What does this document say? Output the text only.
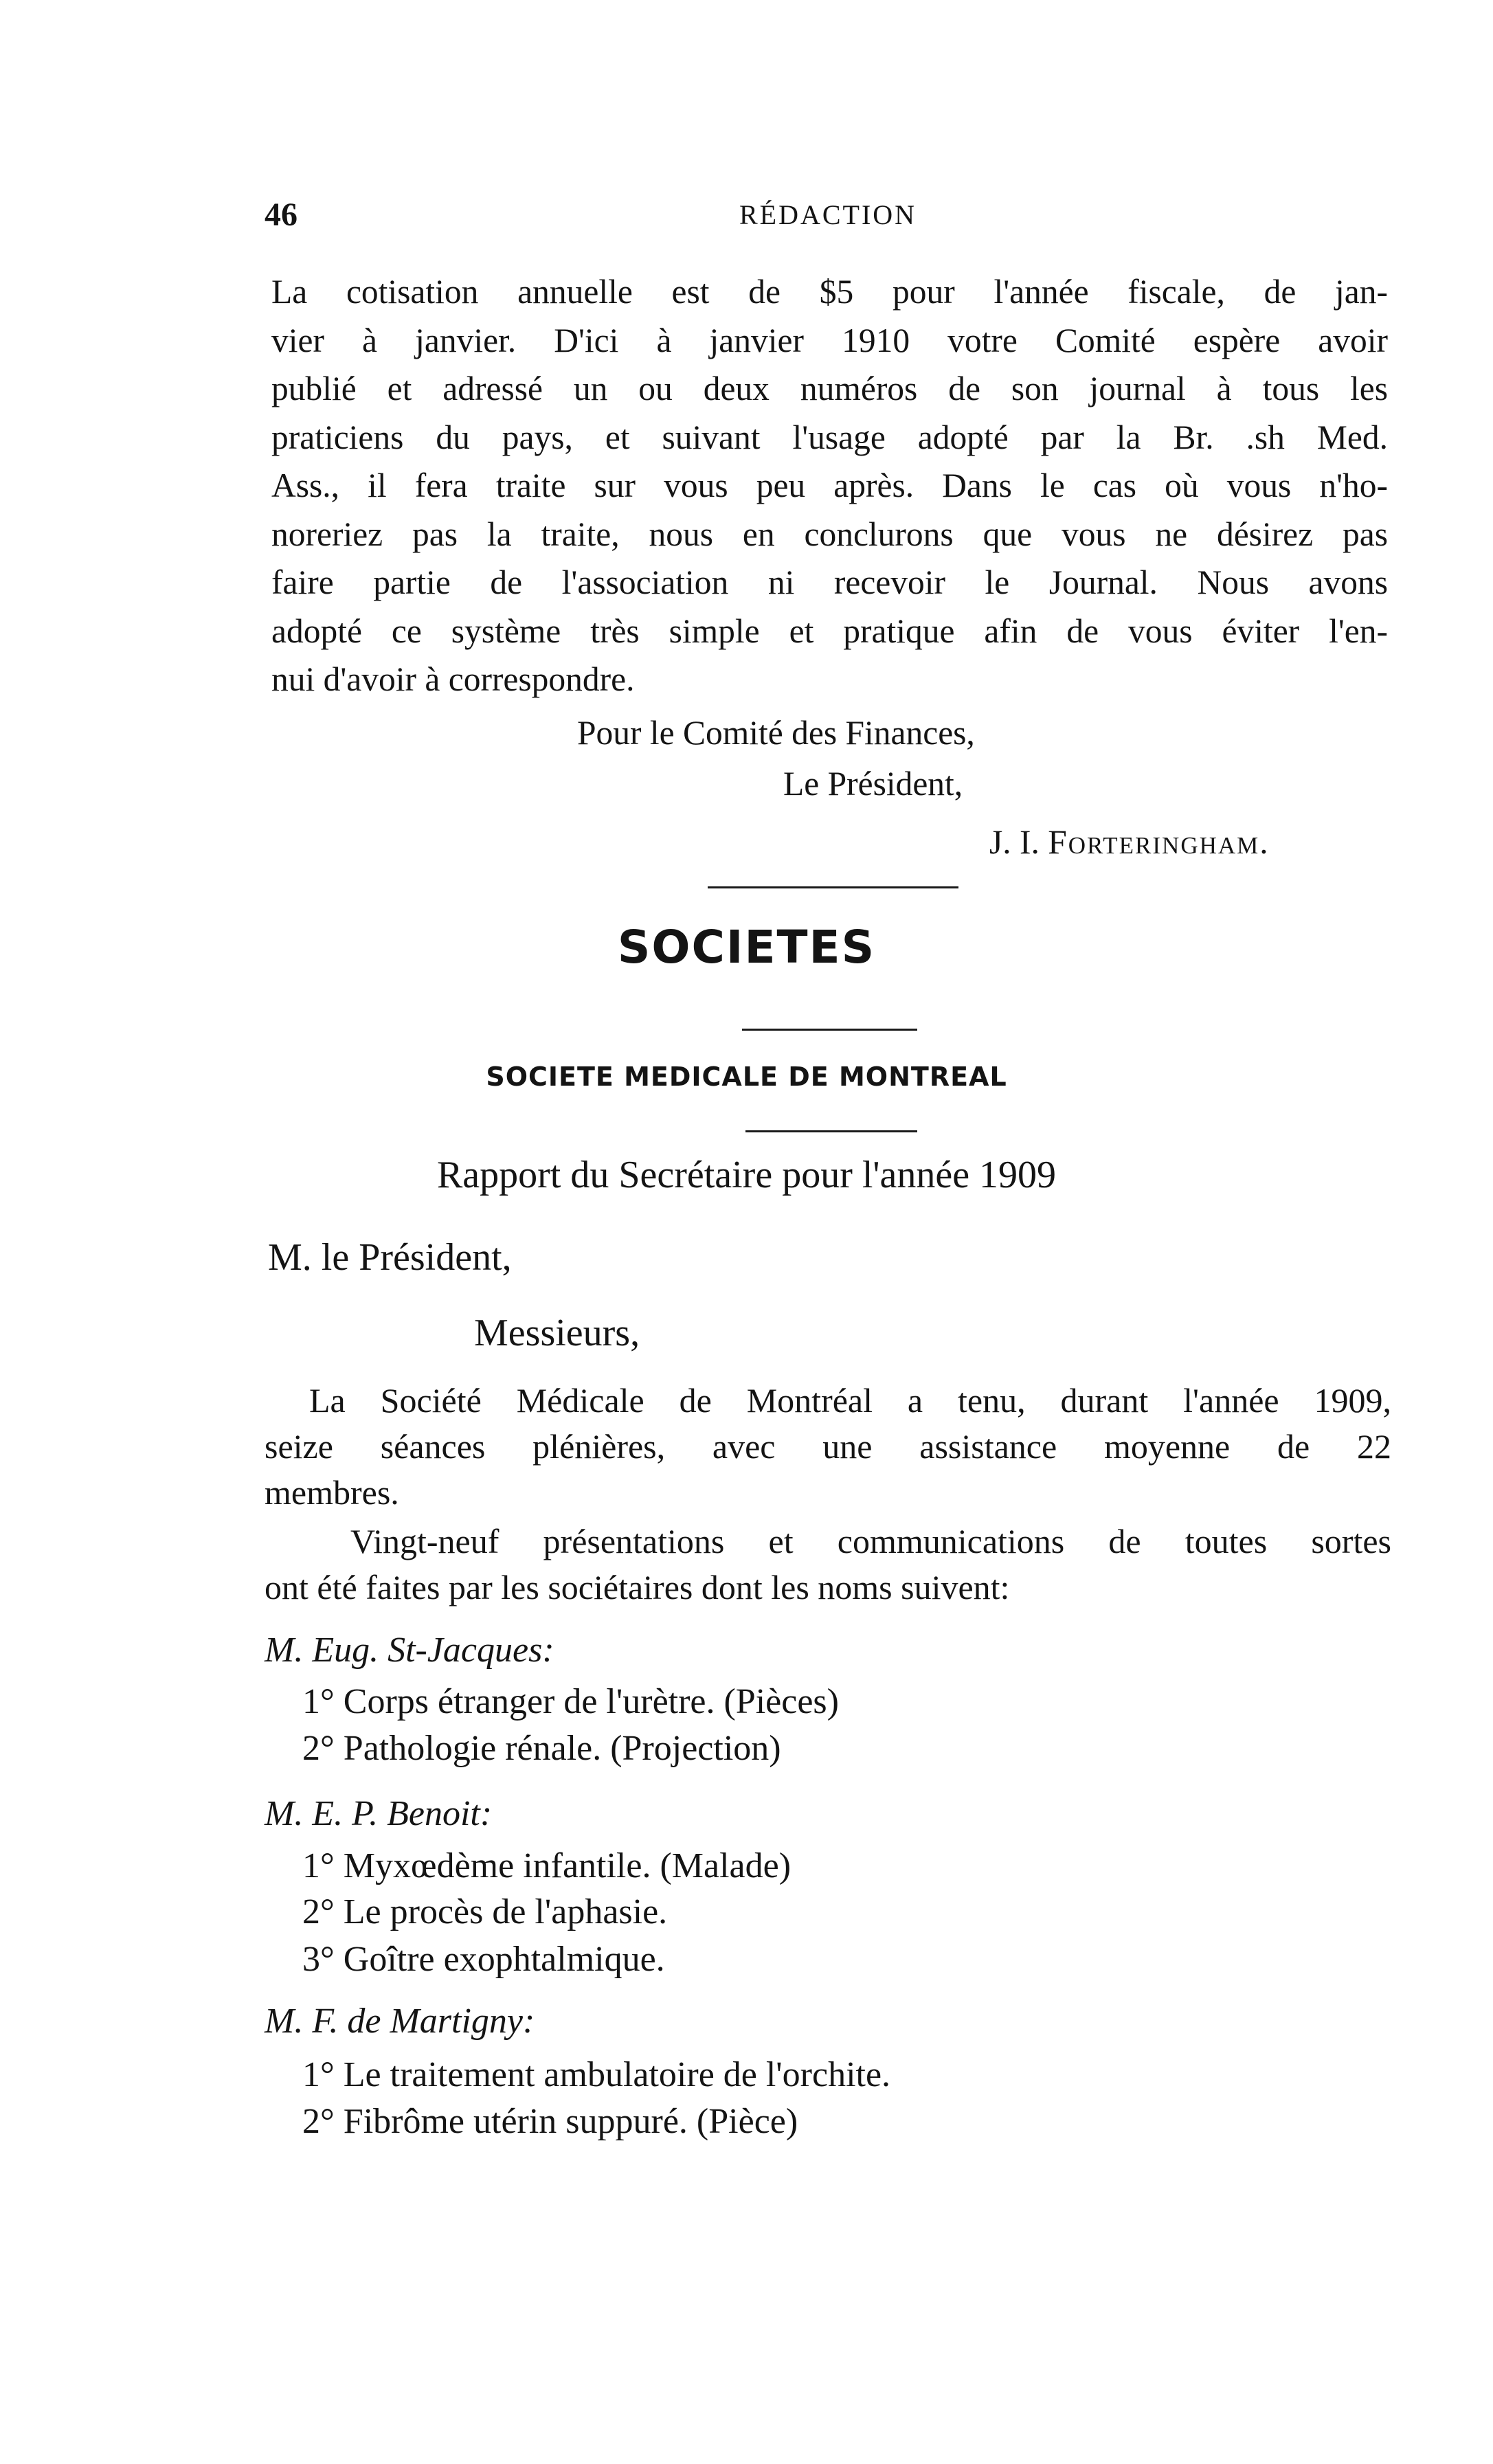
46	RÉDACTION
La cotisation annuelle est de $5 pour l'année fiscale, de jan-
vier à janvier. D'ici à janvier 1910 votre Comité espère avoir
publié et adressé un ou deux numéros de son journal à tous les
praticiens du pays, et suivant l'usage adopté par la Br. .sh Med.
Ass., il fera traite sur vous peu après. Dans le cas où vous n'ho-
noreriez pas la traite, nous en conclurons que vous ne désirez pas
faire partie de l'association ni recevoir le Journal. Nous avons
adopté ce système très simple et pratique afin de vous éviter l'en-
nui d'avoir à correspondre.
Pour le Comité des Finances,
Le Président,
J. I. Forteringham.
SOCIETES
SOCIETE MEDICALE DE MONTREAL
Rapport du Secrétaire pour l'année 1909
M. le Président,
Messieurs,
La Société Médicale de Montréal a tenu, durant l'année 1909,
seize séances plénières, avec une assistance moyenne de 22
membres.
Vingt-neuf présentations et communications de toutes sortes
ont été faites par les sociétaires dont les noms suivent:
M. Eug. St-Jacques:
1° Corps étranger de l'urètre. (Pièces)
2° Pathologie rénale. (Projection)
M. E. P. Benoit:
1° Myxœdème infantile. (Malade)
2° Le procès de l'aphasie.
3° Goître exophtalmique.
M. F. de Martigny:
1° Le traitement ambulatoire de l'orchite.
2° Fibrôme utérin suppuré. (Pièce)
